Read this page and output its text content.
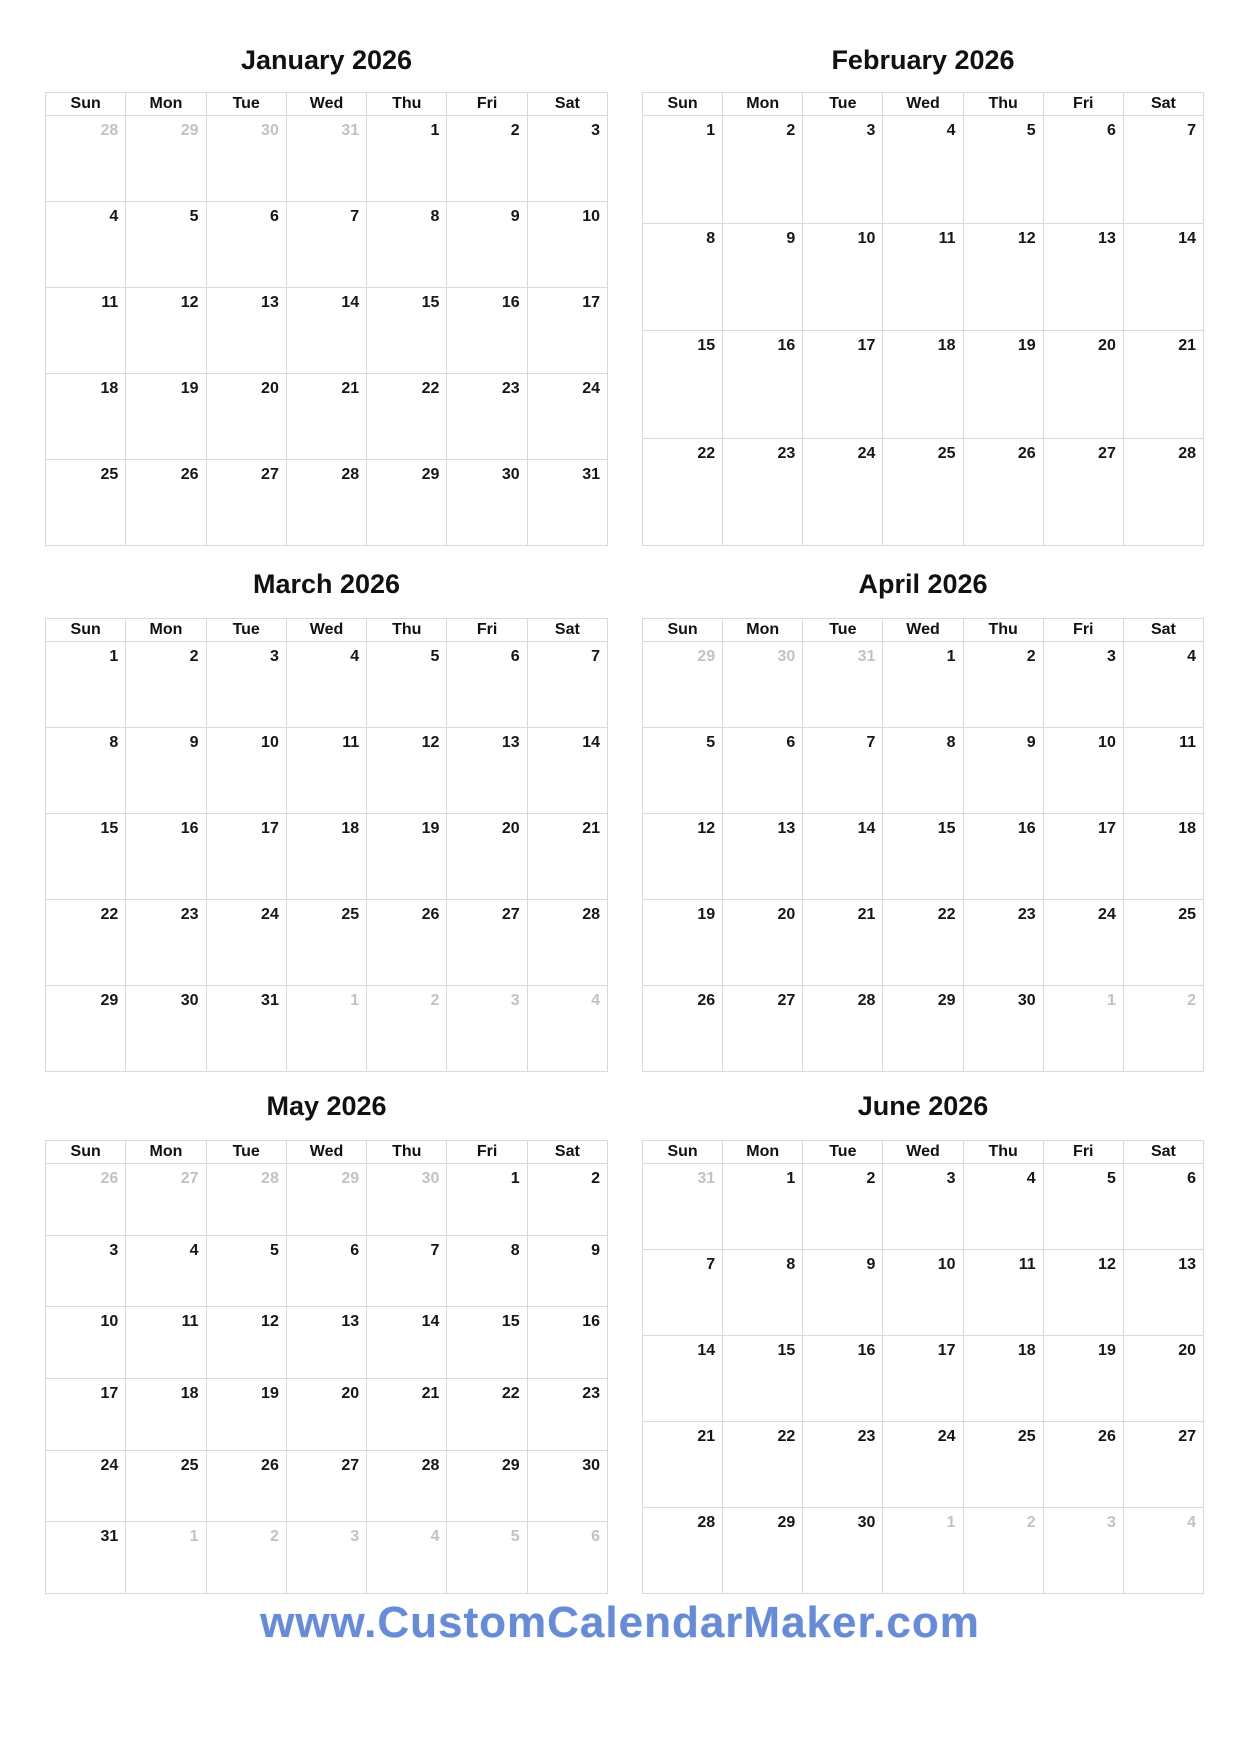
January 2026
Sun	Mon	Tue	Wed	Thu	Fri	Sat
28	29	30	31	1	2	3
4	5	6	7	8	9	10
11	12	13	14	15	16	17
18	19	20	21	22	23	24
25	26	27	28	29	30	31
February 2026
Sun	Mon	Tue	Wed	Thu	Fri	Sat
1	2	3	4	5	6	7
8	9	10	11	12	13	14
15	16	17	18	19	20	21
22	23	24	25	26	27	28
March 2026
Sun	Mon	Tue	Wed	Thu	Fri	Sat
1	2	3	4	5	6	7
8	9	10	11	12	13	14
15	16	17	18	19	20	21
22	23	24	25	26	27	28
29	30	31	1	2	3	4
April 2026
Sun	Mon	Tue	Wed	Thu	Fri	Sat
29	30	31	1	2	3	4
5	6	7	8	9	10	11
12	13	14	15	16	17	18
19	20	21	22	23	24	25
26	27	28	29	30	1	2
May 2026
Sun	Mon	Tue	Wed	Thu	Fri	Sat
26	27	28	29	30	1	2
3	4	5	6	7	8	9
10	11	12	13	14	15	16
17	18	19	20	21	22	23
24	25	26	27	28	29	30
31	1	2	3	4	5	6
June 2026
Sun	Mon	Tue	Wed	Thu	Fri	Sat
31	1	2	3	4	5	6
7	8	9	10	11	12	13
14	15	16	17	18	19	20
21	22	23	24	25	26	27
28	29	30	1	2	3	4
www.CustomCalendarMaker.com
